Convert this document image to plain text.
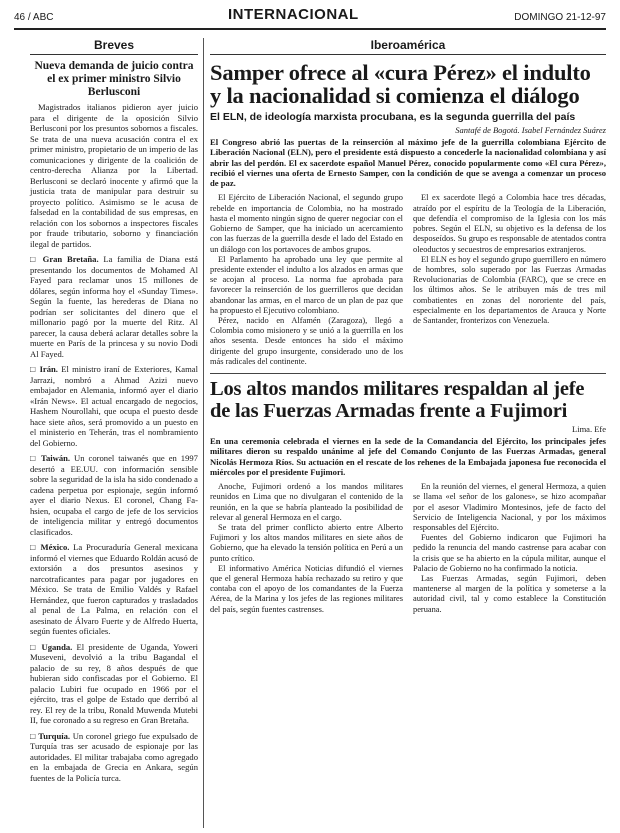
46 / ABC	INTERNACIONAL	DOMINGO 21-12-97
Breves
Nueva demanda de juicio contra el ex primer ministro Silvio Berlusconi

Magistrados italianos pidieron ayer juicio para el dirigente de la oposición Silvio Berlusconi por los presuntos sobornos a fiscales. Se trata de una nueva acusación contra el ex primer ministro, propietario de un imperio de las comunicaciones y dirigente de la coalición de centro-derecha Alianza por la Libertad. Berlusconi se declaró inocente y afirmó que la justicia trata de manipular para destruir su proyecto político. Asimismo se le acusa de falsedad en la contabilidad de sus empresas, en relación con los sobornos a inspectores fiscales por fraude tributario, soborno y financiación ilegal de partidos.

□ Gran Bretaña. La familia de Diana está presentando los documentos de Mohamed Al Fayed para reclamar unos 15 millones de dólares, según informa hoy el «Sunday Times». Según la fuente, las herederas de Diana no podrían ser solicitantes del dinero que el millonario pagó por la muerte del Ritz. Al parecer, la causa deberá aclarar detalles sobre la muerte en París de la princesa y su novio Dodi Al Fayed.

□ Irán. El ministro iraní de Exteriores, Kamal Jarrazi, nombró a Ahmad Azizi nuevo embajador en Alemania, informó ayer el diario «Irán News». El actual encargado de negocios, Hashem Nourollahi, que ocupa el puesto desde hace siete años, será promovido a un puesto en el ministerio en Teherán, tras el nombramiento del Gobierno.

□ Taiwán. Un coronel taiwanés que en 1997 desertó a EE.UU. con información sensible sobre la seguridad de la isla ha sido condenado a cadena perpetua por espionaje, según informó ayer el diario Nexus. El coronel, Chang Fa-hsien, ocupaba el cargo de jefe de los servicios de inteligencia militar y entregó documentos clasificados.

□ México. La Procuraduría General mexicana informó el viernes que Eduardo Roldán acusó de extorsión a dos presuntos asesinos y narcotraficantes para pagar por jugadores en México. Se trata de Emilio Valdés y Rafael Hernández, que fueron capturados y trasladados al penal de La Palma, en relación con el asesinato de Álvaro Fuerte y de Alfredo Huerta, según fuentes oficiales.

□ Uganda. El presidente de Uganda, Yoweri Museveni, devolvió a la tribu Bagandal el palacio de su rey, 8 años después de que hubieran sido confiscadas por el Gobierno. El palacio Lubiri fue ocupado en 1966 por el ejército, tras el golpe de Estado que derribó al rey. El rey de la tribu, Ronald Muwenda Mutebi II, fue coronado a su regreso en Gran Bretaña.

□ Turquía. Un coronel griego fue expulsado de Turquía tras ser acusado de espionaje por las autoridades. El militar trabajaba como agregado en la embajada de Grecia en Ankara, según fuentes de la Policía turca.

Iberoamérica
Samper ofrece al «cura Pérez» el indulto y la nacionalidad si comienza el diálogo
El ELN, de ideología marxista procubana, es la segunda guerrilla del país
Santafé de Bogotá. Isabel Fernández Suárez
El Congreso abrió las puertas de la reinserción al máximo jefe de la guerrilla colombiana Ejército de Liberación Nacional (ELN), pero el presidente está dispuesto a concederle la nacionalidad colombiana y así abrir las del perdón. El ex sacerdote español Manuel Pérez, conocido popularmente como «El cura Pérez», recibió el viernes una oferta de Ernesto Samper, con la condición de que se avenga a comenzar un proceso de paz.

El Ejército de Liberación Nacional, el segundo grupo rebelde en importancia de Colombia, no ha mostrado hasta el momento ningún signo de querer negociar con el Gobierno de Samper, que ha iniciado un acercamiento con las fuerzas de la guerrilla desde el lado del Estado en un diálogo con los portavoces de ambos grupos.

El Parlamento ha aprobado una ley que permite al presidente extender el indulto a los alzados en armas que se acojan al proceso. La norma fue aprobada para favorecer la reinserción de los guerrilleros que decidan abandonar las armas, en el marco de un plan de paz que ha propuesto el Ejecutivo colombiano.

Pérez, nacido en Alfamén (Zaragoza), llegó a Colombia como misionero y se unió a la guerrilla en los años sesenta. Desde entonces ha sido el máximo dirigente del grupo insurgente, considerado uno de los más radicales del continente.

El ex sacerdote llegó a Colombia hace tres décadas, atraído por el espíritu de la Teología de la Liberación, que defendía el compromiso de la Iglesia con los más pobres. Según el ELN, su objetivo es la defensa de los desposeídos. Su grupo es responsable de atentados contra oleoductos y secuestros de empresarios extranjeros.

El ELN es hoy el segundo grupo guerrillero en número de hombres, solo superado por las Fuerzas Armadas Revolucionarias de Colombia (FARC), que se crece en los últimos años. Se le atribuyen más de tres mil combatientes en zonas del nororiente del país, especialmente en los departamentos de Arauca y Norte de Santander, fronterizos con Venezuela.

Los altos mandos militares respaldan al jefe de las Fuerzas Armadas frente a Fujimori
Lima. Efe
En una ceremonia celebrada el viernes en la sede de la Comandancia del Ejército, los principales jefes militares dieron su respaldo unánime al jefe del Comando Conjunto de las Fuerzas Armadas, general Nicolás Hermoza Ríos. Su actuación en el rescate de los rehenes de la Embajada japonesa fue reconocida el miércoles por el presidente Fujimori.

Anoche, Fujimori ordenó a los mandos militares reunidos en Lima que no divulgaran el contenido de la reunión, en la que se habría planteado la posibilidad de relevar al general Hermoza en el cargo.

Se trata del primer conflicto abierto entre Alberto Fujimori y los altos mandos militares en siete años de Gobierno, que ha elevado la tensión política en Perú a un punto crítico.

El informativo América Noticias difundió el viernes que el general Hermoza había rechazado su retiro y que contaba con el apoyo de los comandantes de la Fuerza Aérea, de la Marina y los jefes de las regiones militares del país, según fuentes castrenses.

En la reunión del viernes, el general Hermoza, a quien se llama «el señor de los galones», se hizo acompañar por el asesor Vladimiro Montesinos, jefe de facto del Servicio de Inteligencia Nacional, y por los máximos responsables del Ejército.

Fuentes del Gobierno indicaron que Fujimori ha pedido la renuncia del mando castrense para acabar con la crisis que se ha abierto en la cúpula militar, aunque el Palacio de Gobierno no ha confirmado la noticia.

Las Fuerzas Armadas, según Fujimori, deben mantenerse al margen de la política y someterse a la autoridad civil, tal y como establece la Constitución peruana.
